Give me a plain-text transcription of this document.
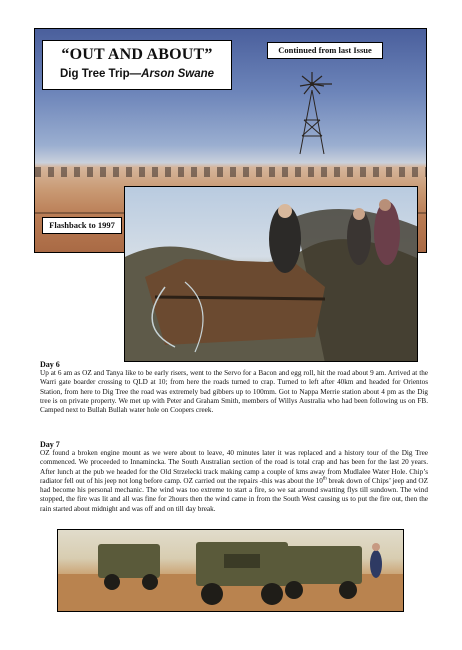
“OUT AND ABOUT”
Dig Tree Trip—Arson Swane
Continued from last Issue
Flashback to 1997
Day 6
Up at 6 am as OZ and Tanya like to be early risers, went to the Servo for a Bacon and egg roll, hit the road about 9 am. Arrived at the Warri gate boarder crossing to QLD at 10; from here the roads turned to crap. Turned to left after 40km and headed for Orientos Station, from here to Dig Tree the road was extremely bad gibbers up to 100mm. Got to Nappa Merrie station about 4 pm as the Dig tree is on private property. We met up with Peter and Graham Smith, members of Willys Australia who had been following us on FB. Camped next to Bullah Bullah water hole on Coopers creek.
Day 7
OZ found a broken engine mount as we were about to leave, 40 minutes later it was replaced and a history tour of the Dig Tree commenced. We proceeded to Innamincka. The South Australian section of the road is total crap and has been for the last 20 years. After lunch at the pub we headed for the Old Strzelecki track making camp a couple of kms away from Mudlalee Water Hole. Chip’s radiator fell out of his jeep not long before camp. OZ carried out the repairs -this was about the 10th break down of Chips’ jeep and OZ had become his personal mechanic. The wind was too extreme to start a fire, so we sat around swatting flys till sundown. The wind stopped, the fire was lit and all was fine for 2hours then the wind came in from the South West causing us to put the fire out, then the rain started about midnight and was off and on till day break.
